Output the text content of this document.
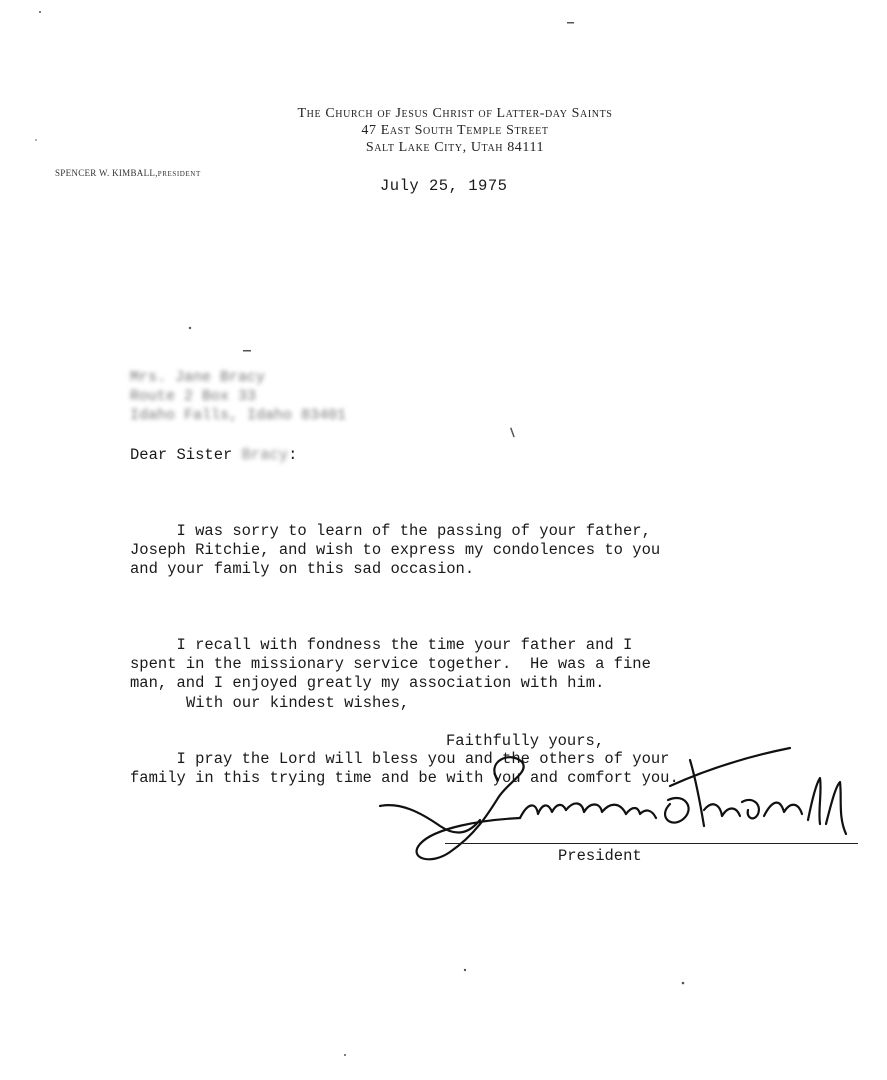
The Church of Jesus Christ of Latter-day Saints
47 East South Temple Street
Salt Lake City, Utah 84111
SPENCER W. KIMBALL,PRESIDENT
July 25, 1975
Mrs. Jane Bracy
Route 2 Box 33
Idaho Falls, Idaho 83401
Dear Sister Bracy:

I was sorry to learn of the passing of your father,
Joseph Ritchie, and wish to express my condolences to you
and your family on this sad occasion.

I recall with fondness the time your father and I
spent in the missionary service together.  He was a fine
man, and I enjoyed greatly my association with him.

I pray the Lord will bless you and the others of your
family in this trying time and be with you and comfort you.

With our kindest wishes,
Faithfully yours,
President
